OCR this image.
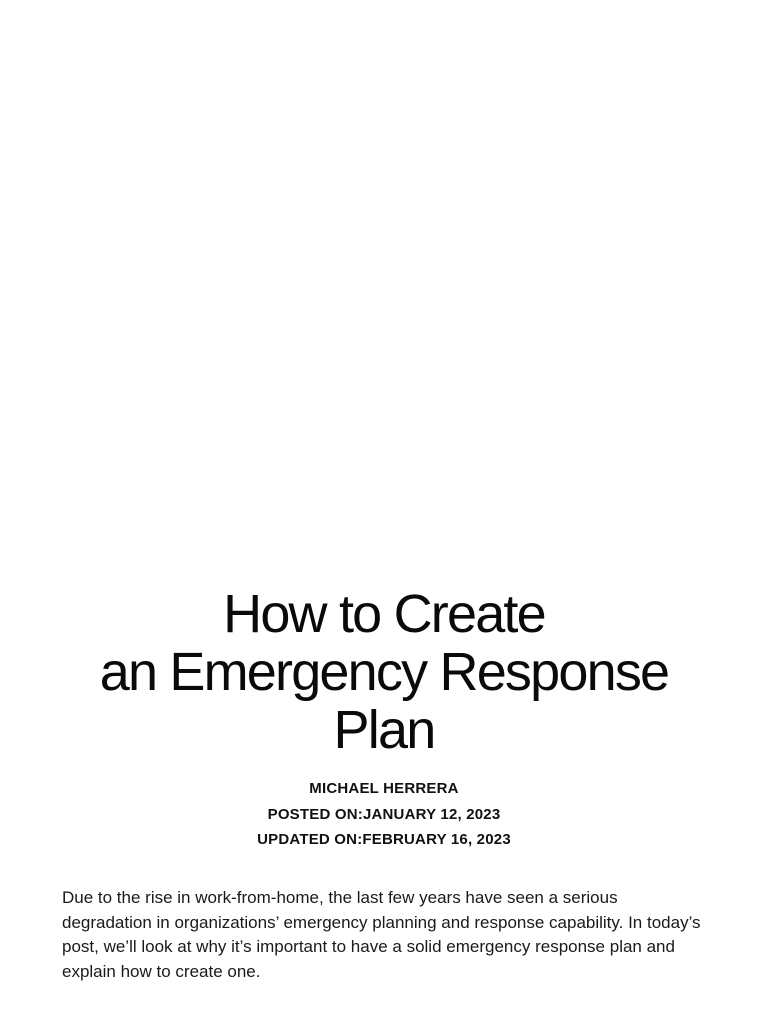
How to Create
an Emergency Response
Plan
MICHAEL HERRERA
POSTED ON:JANUARY 12, 2023
UPDATED ON:FEBRUARY 16, 2023

Due to the rise in work-from-home, the last few years have seen a serious degradation in organizations’ emergency planning and response capability. In today’s post, we’ll look at why it’s important to have a solid emergency response plan and explain how to create one.
